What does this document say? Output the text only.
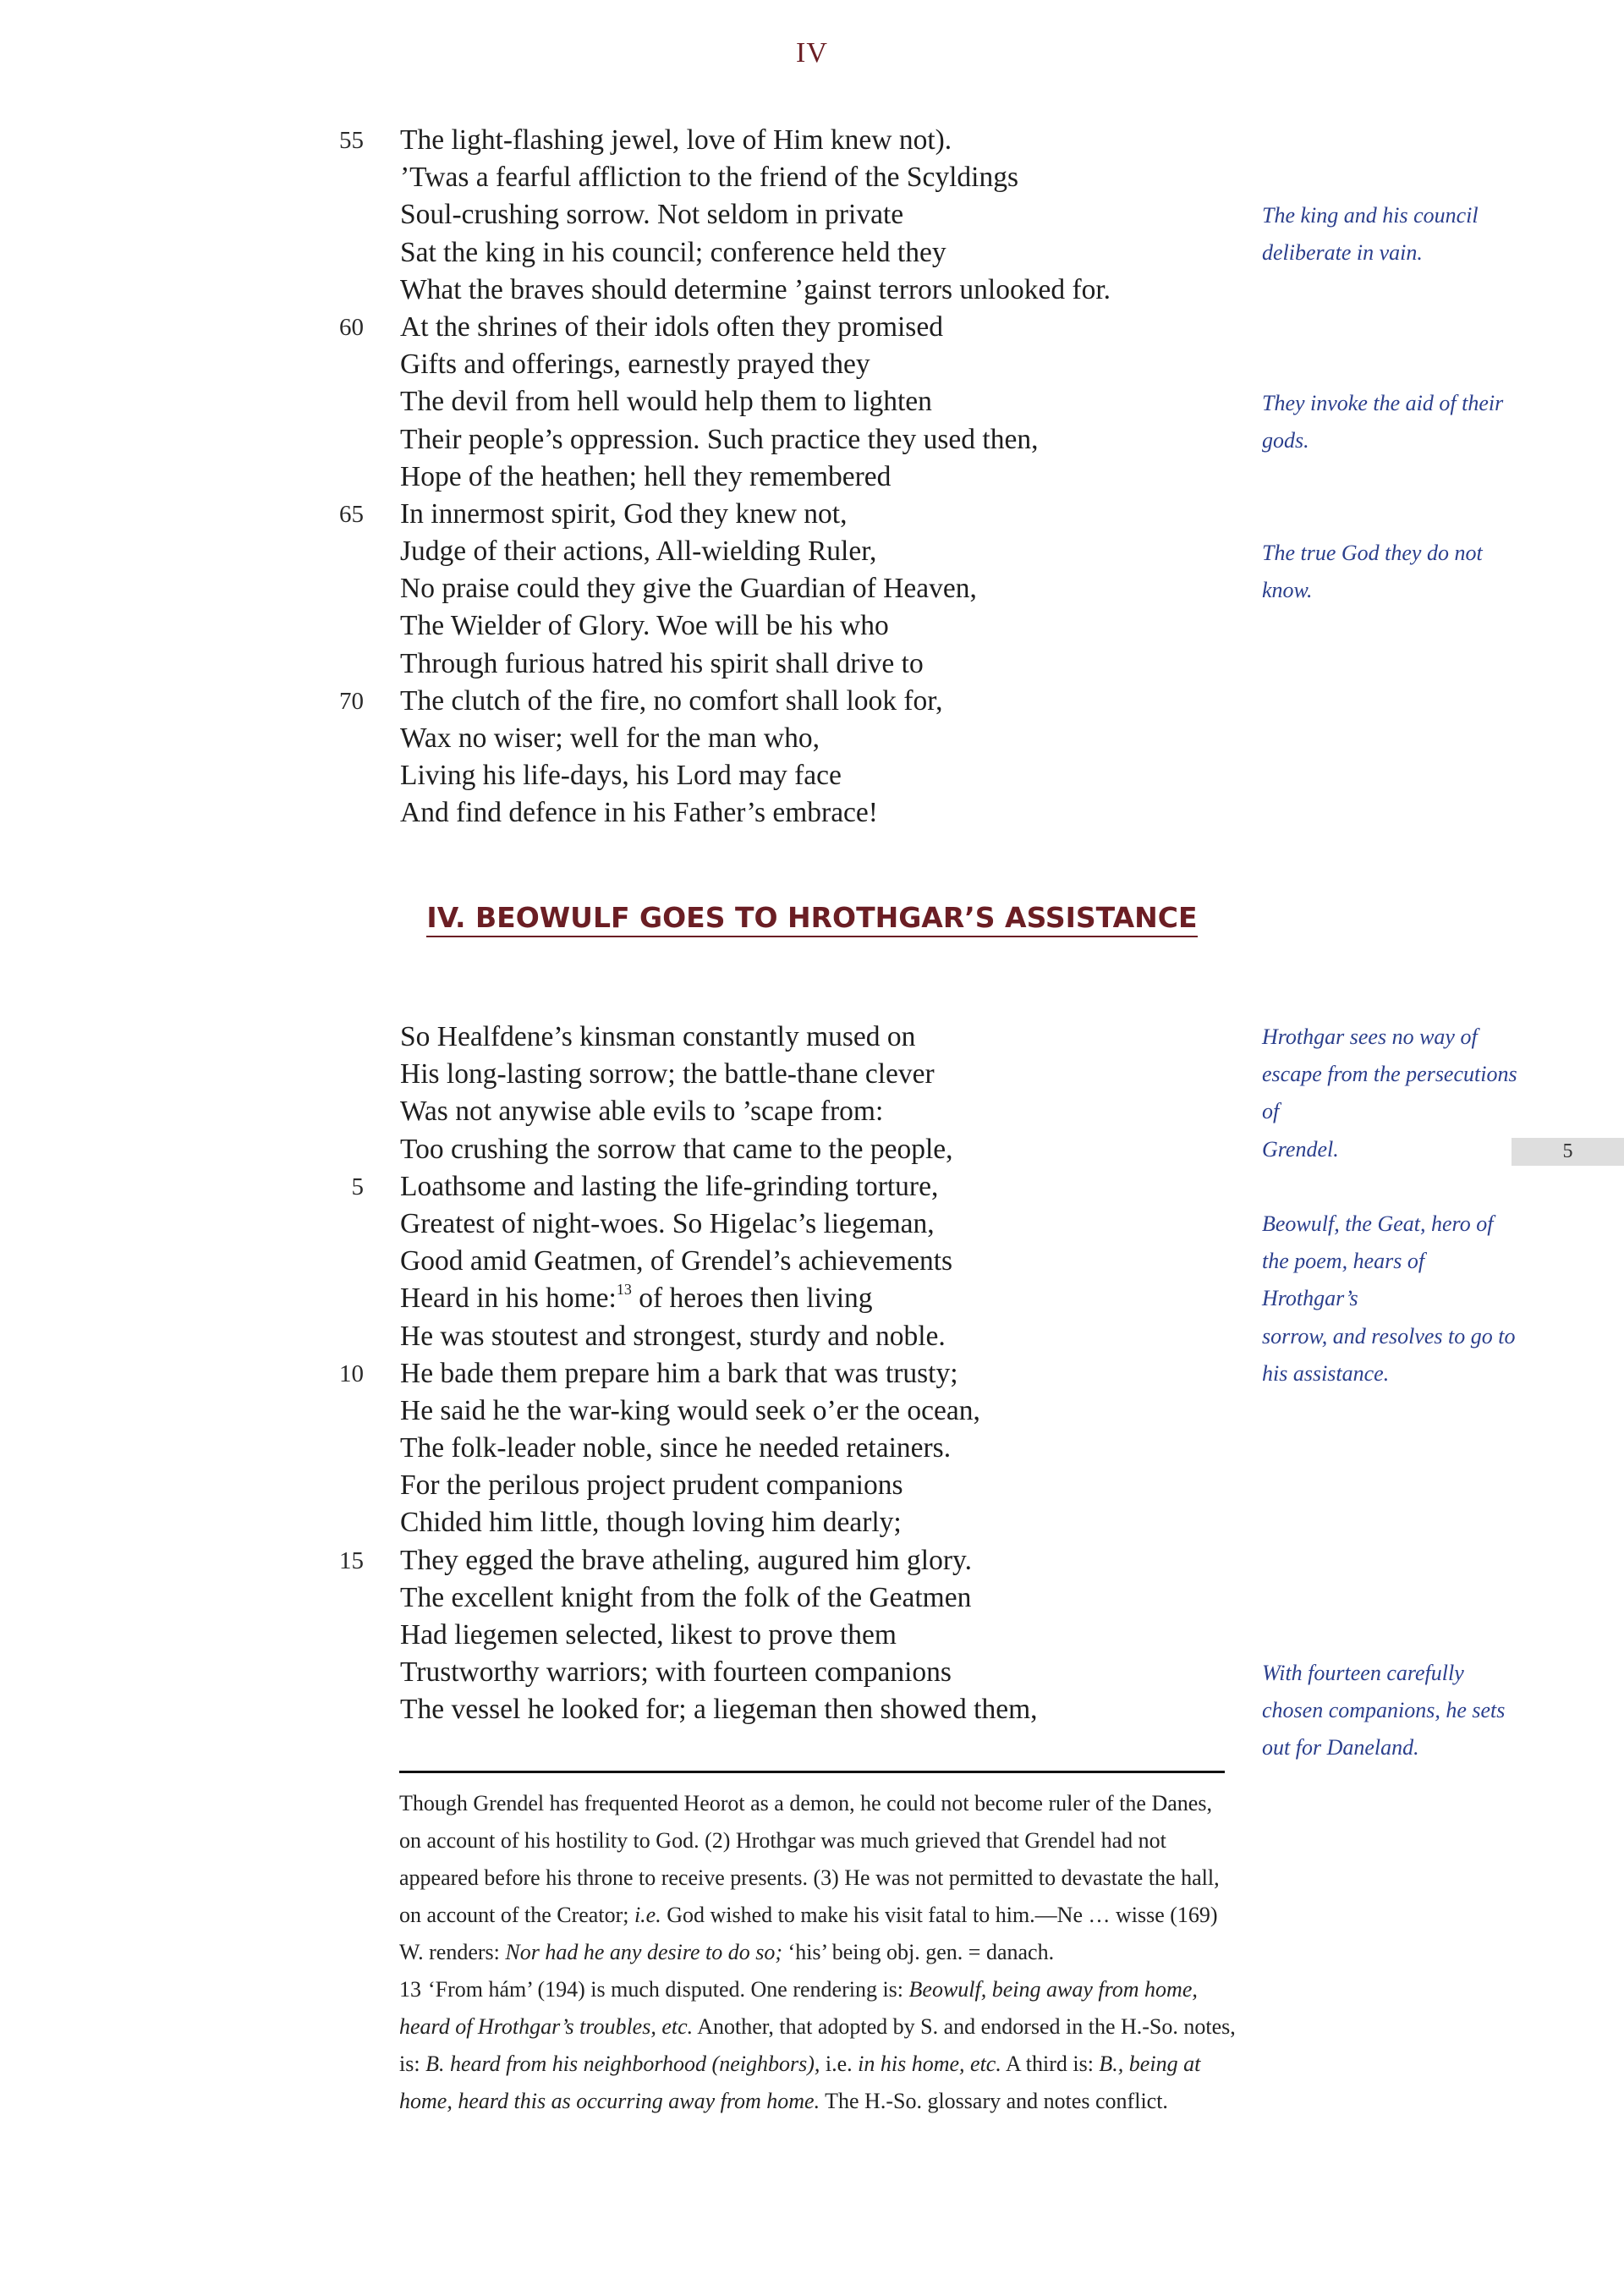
IV
55 The light-flashing jewel, love of Him knew not).
’Twas a fearful affliction to the friend of the Scyldings
Soul-crushing sorrow. Not seldom in private
Sat the king in his council; conference held they
What the braves should determine ’gainst terrors unlooked for.
60 At the shrines of their idols often they promised
Gifts and offerings, earnestly prayed they
The devil from hell would help them to lighten
Their people’s oppression. Such practice they used then,
Hope of the heathen; hell they remembered
65 In innermost spirit, God they knew not,
Judge of their actions, All-wielding Ruler,
No praise could they give the Guardian of Heaven,
The Wielder of Glory. Woe will be his who
Through furious hatred his spirit shall drive to
70 The clutch of the fire, no comfort shall look for,
Wax no wiser; well for the man who,
Living his life-days, his Lord may face
And find defence in his Father’s embrace!
IV. BEOWULF GOES TO HROTHGAR’S ASSISTANCE
So Healfdene’s kinsman constantly mused on
His long-lasting sorrow; the battle-thane clever
Was not anywise able evils to ’scape from:
Too crushing the sorrow that came to the people,
5 Loathsome and lasting the life-grinding torture,
Greatest of night-woes. So Higelac’s liegeman,
Good amid Geatmen, of Grendel’s achievements
Heard in his home:$^{13}$ of heroes then living
He was stoutest and strongest, sturdy and noble.
10 He bade them prepare him a bark that was trusty;
He said he the war-king would seek o’er the ocean,
The folk-leader noble, since he needed retainers.
For the perilous project prudent companions
Chided him little, though loving him dearly;
15 They egged the brave atheling, augured him glory.
The excellent knight from the folk of the Geatmen
Had liegemen selected, likest to prove them
Trustworthy warriors; with fourteen companions
The vessel he looked for; a liegeman then showed them,
The king and his council
deliberate in vain.
They invoke the aid of their
gods.
The true God they do not
know.
Hrothgar sees no way of
escape from the persecutions of
Grendel.
Beowulf, the Geat, hero of
the poem, hears of Hrothgar’s
sorrow, and resolves to go to
his assistance.
With fourteen carefully
chosen companions, he sets
out for Daneland.
5

Though Grendel has frequented Heorot as a demon, he could not become ruler of the Danes, on account of his hostility to God. (2) Hrothgar was much grieved that Grendel had not appeared before his throne to receive presents. (3) He was not permitted to devastate the hall, on account of the Creator; i.e. God wished to make his visit fatal to him.—Ne … wisse (169) W. renders: Nor had he any desire to do so; ‘his’ being obj. gen. = danach.

13 ‘From hám’ (194) is much disputed. One rendering is: Beowulf, being away from home, heard of Hrothgar’s troubles, etc. Another, that adopted by S. and endorsed in the H.-So. notes, is: B. heard from his neighborhood (neighbors), i.e. in his home, etc. A third is: B., being at home, heard this as occurring away from home. The H.-So. glossary and notes conflict.
